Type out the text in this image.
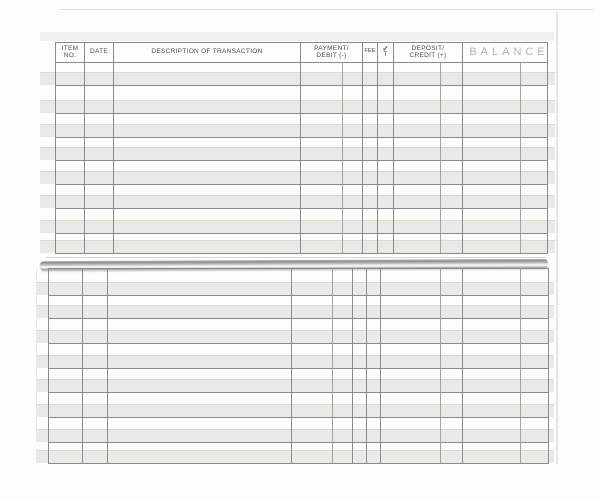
ITEM
NO.
DATE	DESCRIPTION OF TRANSACTION
PAYMENT/
DEBIT (-)
FEE ✓
T
DEPOSIT/
CREDIT (+) BALANCE
